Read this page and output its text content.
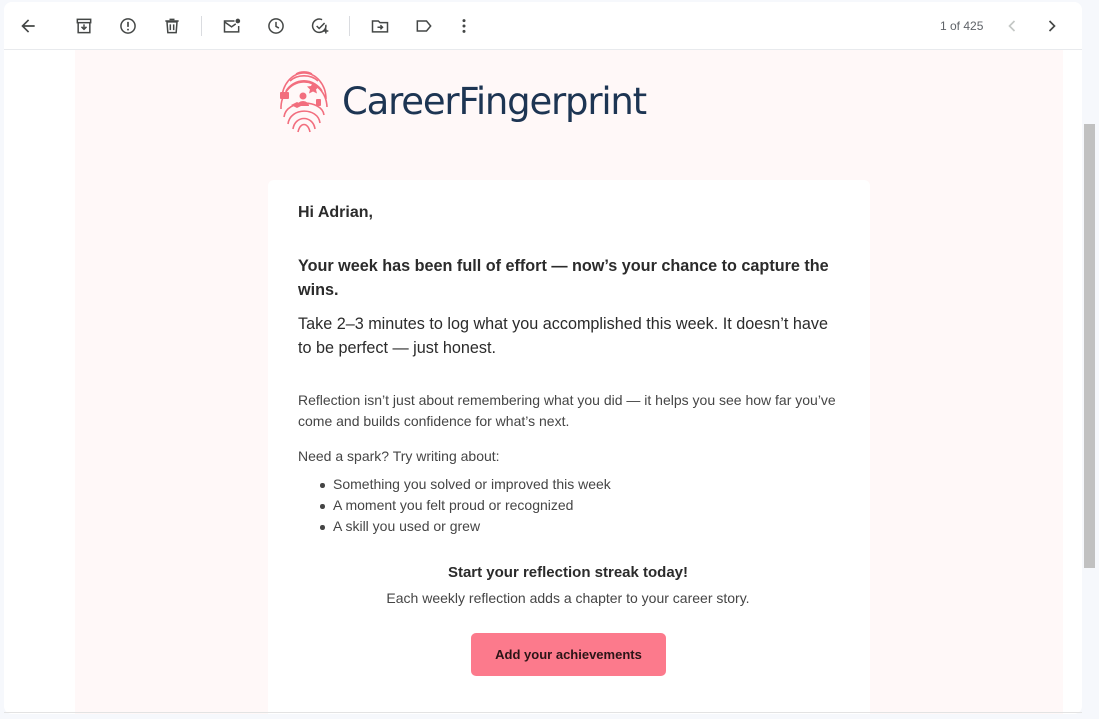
1 of 425
CareerFingerprint

Hi Adrian,

Your week has been full of effort — now’s your chance to capture the wins.

Take 2–3 minutes to log what you accomplished this week. It doesn’t have to be perfect — just honest.

Reflection isn’t just about remembering what you did — it helps you see how far you’ve come and builds confidence for what’s next.

Need a spark? Try writing about:

Something you solved or improved this week
A moment you felt proud or recognized
A skill you used or grew

Start your reflection streak today!

Each weekly reflection adds a chapter to your career story.

Add your achievements
